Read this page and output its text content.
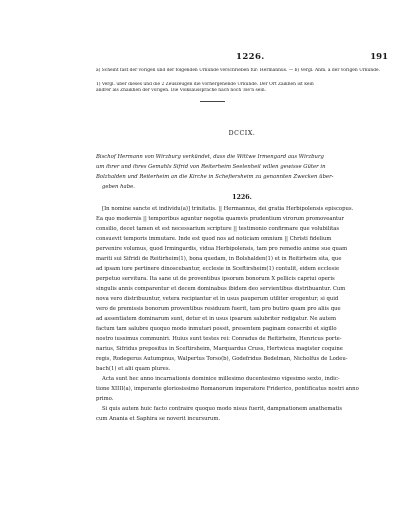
1226.	191
a) Scheint fast der vorigen und der folgenden Urkunde verschrieben für: Hermannus. — b) Vergl. Anm. a der vorigen Urkunde.
1) Vergl. über dieses und die 2 Zeuszeugen die vorhergehende Urkunde. Der Ort Zaikhen ist kein
andrer als Zhaikhen der vorigen. Die Volksaussprache nach noch Tse'n sein.
DCCIX.
Bischof Hermann von Wirzburg verkündet, dass die Wittwe Irmengard aus Wirzburg
um ihrer und ihres Gemahls Sifrid von Reiterheim Seelenheil willen gewisse Güter in
Bolzhalden und Reiterheim an die Kirche in Schefiersheim zu genannten Zwecken über-
geben habe.
1226.
[In nomine sancte et individu(a)] trinitatis. || Hermannus, dei gratia Herbipolensis episcopus.
Ea quo modernis || temporibus aguntur negotia quamvis prudentium virorum promoveantur
consilio, decet tamen et est necessarium scripture || testimonio confirmare que volubilitas
consuevit temporis immutare. Inde est quod nos ad noticiam omnium || Christi fidelium
pervenire volumus, quod Irmingardis, vidua Herbipolensis, tam pro remedio anime sue quam
mariti sui Sifridi de Reitirheim(1), bona quedam, in Bolshalden(1) et in Reitirheim sita, que
ad ipsam iure pertinere dinoscebantur, ecclesie in Sceftirsheim(1) contulit, eidem ecclesie
perpetuo servitura. Ita sane ut de proventibus ipsorum bonorum X pellicis capriui operis
singulis annis comparentur et decem dominabus ibidem deo servientibus distribuantur. Cum
nova vero distribuuntur, vetera recipiantur et in usus pauperum utiliter erogentur; si quid
vero de premissis bonorum proventibus residuum fuerit, tam pro butiro quam pro aliis que
ad assentiatem dominarum sunt, detur et in usus ipsarum salubriter redigatur. Ne autem
factum tam salubre quoquo modo inmutari possit, presentem paginam conscribi et sigillo
nostro iussimus communiri. Huius sunt testes rei: Conradus de Reitirheim, Henricus porte-
narius, Sifridus prepositus in Sceftirsheim, Marquardus Cruss, Hertwicus magister coquine
regis, Rodegerus Autumpnus, Walpertus Torso(b), Godefridus Bedelman, Nicholfus de Lodeu-
bach(1) et alii quam plures.
Acta sunt hec anno incarnationis dominice millesimo ducentesimo vigesimo sexto, indic-
tione XIIII(a), imperante gloriosissimo Romanorum imperatore Friderico, pontificatus nostri anno
primo.
Si quis autem huic facto contraire quoquo modo nisus fuerit, dampnationem anathematis
cum Anania et Saphira se noverit incursurum.
